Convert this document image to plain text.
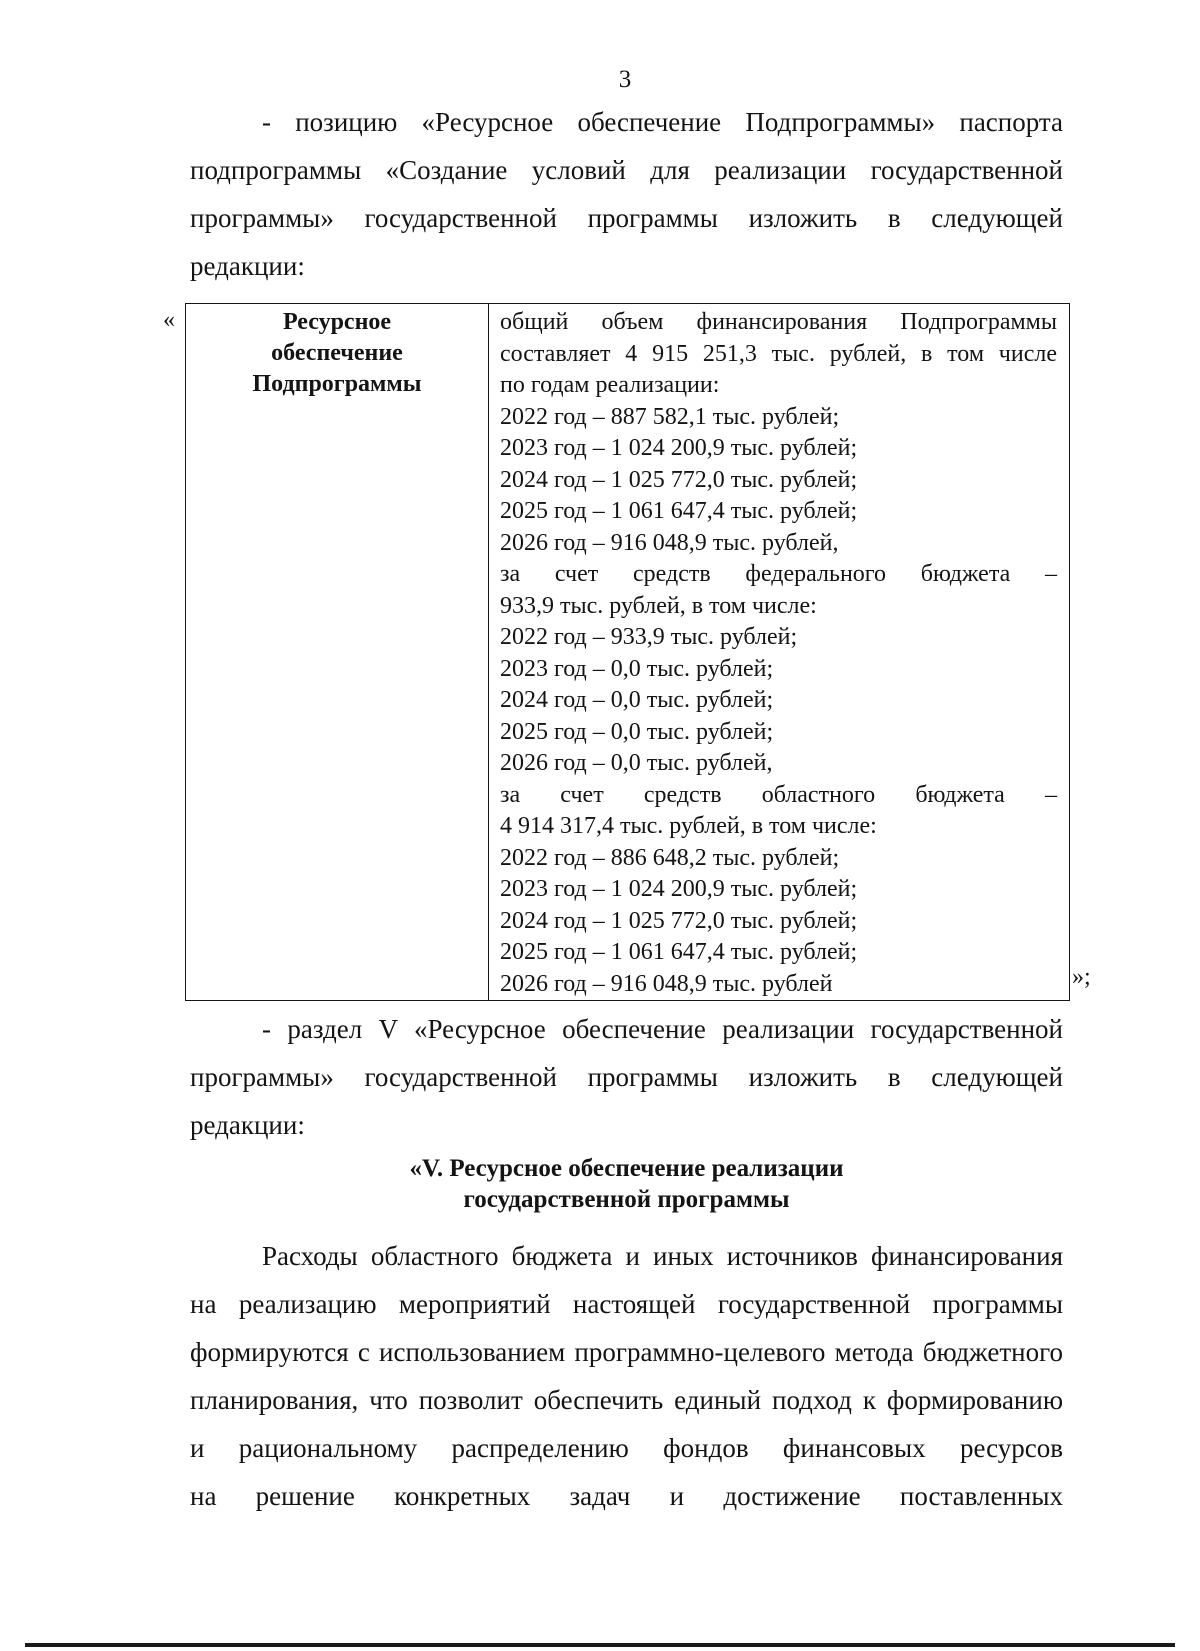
3
- позицию «Ресурсное обеспечение Подпрограммы» паспорта
подпрограммы «Создание условий для реализации государственной
программы» государственной программы изложить в следующей
редакции:
«	Ресурсное
обеспечение
Подпрограммы

общий объем финансирования Подпрограммы
составляет 4 915 251,3 тыс. рублей, в том числе
по годам реализации:
2022 год – 887 582,1 тыс. рублей;
2023 год – 1 024 200,9 тыс. рублей;
2024 год – 1 025 772,0 тыс. рублей;
2025 год – 1 061 647,4 тыс. рублей;
2026 год – 916 048,9 тыс. рублей,
за счет средств федерального бюджета –
933,9 тыс. рублей, в том числе:
2022 год – 933,9 тыс. рублей;
2023 год – 0,0 тыс. рублей;
2024 год – 0,0 тыс. рублей;
2025 год – 0,0 тыс. рублей;
2026 год – 0,0 тыс. рублей,
за счет средств областного бюджета –
4 914 317,4 тыс. рублей, в том числе:
2022 год – 886 648,2 тыс. рублей;
2023 год – 1 024 200,9 тыс. рублей;
2024 год – 1 025 772,0 тыс. рублей;
2025 год – 1 061 647,4 тыс. рублей;
2026 год – 916 048,9 тыс. рублей	»;
- раздел V «Ресурсное обеспечение реализации государственной
программы» государственной программы изложить в следующей
редакции:
«V. Ресурсное обеспечение реализации
государственной программы
Расходы областного бюджета и иных источников финансирования
на реализацию мероприятий настоящей государственной программы
формируются с использованием программно-целевого метода бюджетного
планирования, что позволит обеспечить единый подход к формированию
и рациональному распределению фондов финансовых ресурсов
на решение конкретных задач и достижение поставленных
